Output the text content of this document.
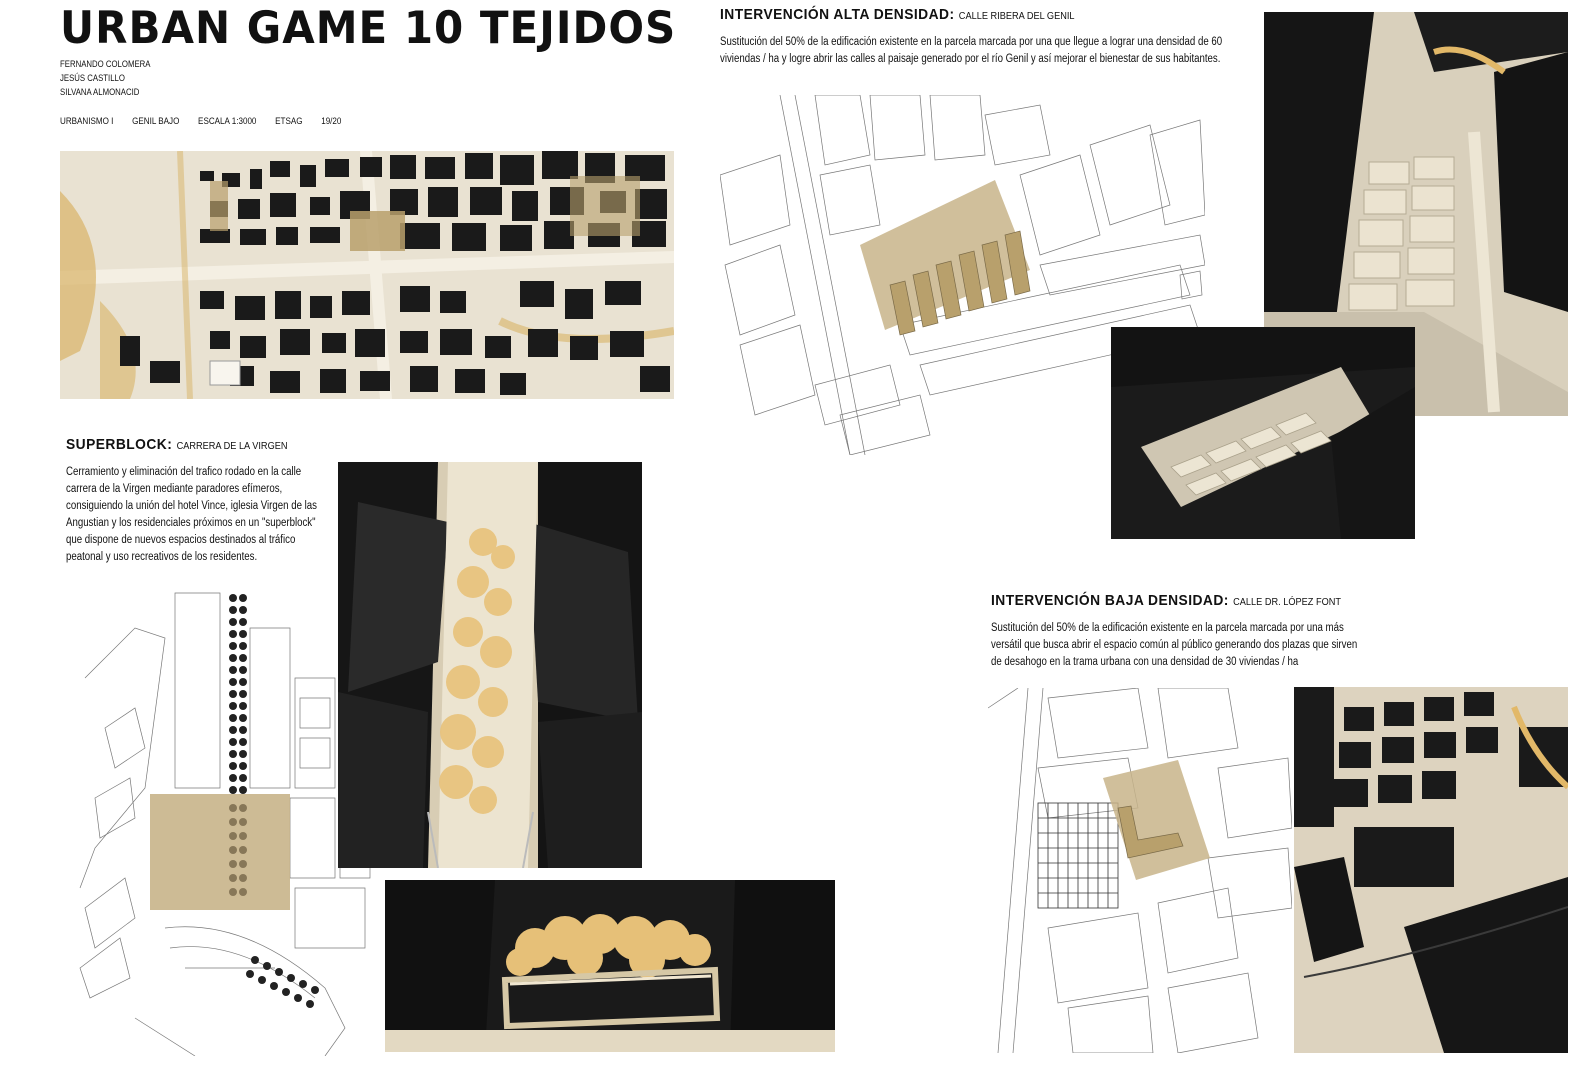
URBAN GAME 10 TEJIDOS
FERNANDO COLOMERA
JESÚS CASTILLO
SILVANA ALMONACID
URBANISMO I GENIL BAJO ESCALA 1:3000 ETSAG 19/20
SUPERBLOCK: CARRERA DE LA VIRGEN
Cerramiento y eliminación del trafico rodado en la calle carrera de la Virgen mediante paradores efímeros, consiguiendo la unión del hotel Vince, iglesia Virgen de las Angustian y los residenciales próximos en un "superblock" que dispone de nuevos espacios destinados al tráfico peatonal y uso recreativos de los residentes.
INTERVENCIÓN ALTA DENSIDAD: CALLE RIBERA DEL GENIL
Sustitución del 50% de la edificación existente en la parcela marcada por una que llegue a lograr una densidad de 60 viviendas / ha y logre abrir las calles al paisaje generado por el río Genil y así mejorar el bienestar de sus habitantes.
INTERVENCIÓN BAJA DENSIDAD: CALLE DR. LÓPEZ FONT
Sustitución del 50% de la edificación existente en la parcela marcada por una más versátil que busca abrir el espacio común al público generando dos plazas que sirven de desahogo en la trama urbana con una densidad de 30 viviendas / ha
